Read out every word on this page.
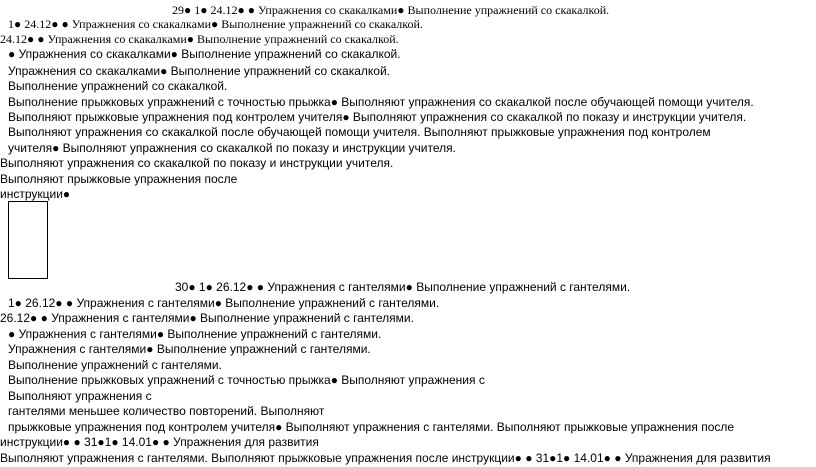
29● 1● 24.12● ● Упражнения со скакалками● Выполнение упражнений со скакалкой.
1● 24.12● ● Упражнения со скакалками● Выполнение упражнений со скакалкой.
24.12● ● Упражнения со скакалками● Выполнение упражнений со скакалкой.
● Упражнения со скакалками● Выполнение упражнений со скакалкой.
Упражнения со скакалками● Выполнение упражнений со скакалкой.
Выполнение упражнений со скакалкой.
Выполнение прыжковых упражнений с точностью прыжка● Выполняют упражнения со скакалкой после обучающей помощи учителя.
Выполняют прыжковые упражнения под контролем учителя● Выполняют упражнения со скакалкой по показу и инструкции учителя.
Выполняют упражнения со скакалкой после обучающей помощи учителя. Выполняют прыжковые упражнения под контролем
учителя● Выполняют упражнения со скакалкой по показу и инструкции учителя.
Выполняют упражнения со скакалкой по показу и инструкции учителя.
Выполняют прыжковые упражнения после
инструкции●
30● 1● 26.12● ● Упражнения с гантелями● Выполнение упражнений с гантелями.
1● 26.12● ● Упражнения с гантелями● Выполнение упражнений с гантелями.
26.12● ● Упражнения с гантелями● Выполнение упражнений с гантелями.
● Упражнения с гантелями● Выполнение упражнений с гантелями.
Упражнения с гантелями● Выполнение упражнений с гантелями.
Выполнение упражнений с гантелями.
Выполнение прыжковых упражнений с точностью прыжка● Выполняют упражнения с
Выполняют упражнения с
гантелями меньшее количество повторений. Выполняют
прыжковые упражнения под контролем учителя● Выполняют упражнения с гантелями. Выполняют прыжковые упражнения после
инструкции● ● 31●1● 14.01● ● Упражнения для развития
Выполняют упражнения с гантелями. Выполняют прыжковые упражнения после инструкции● ● 31●1● 14.01● ● Упражнения для развития
